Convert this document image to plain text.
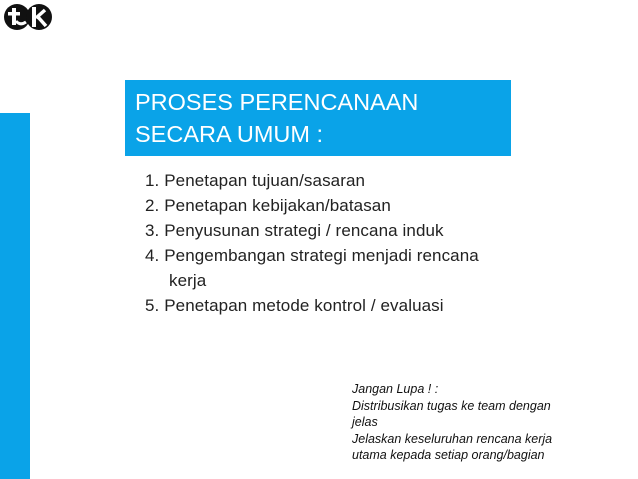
PROSES PERENCANAAN
SECARA UMUM :
1. Penetapan tujuan/sasaran
2. Penetapan kebijakan/batasan
3. Penyusunan strategi / rencana induk
4. Pengembangan strategi menjadi rencana kerja
5. Penetapan metode kontrol / evaluasi
Jangan Lupa ! :
Distribusikan tugas ke team dengan
jelas
Jelaskan keseluruhan rencana kerja
utama kepada setiap orang/bagian
